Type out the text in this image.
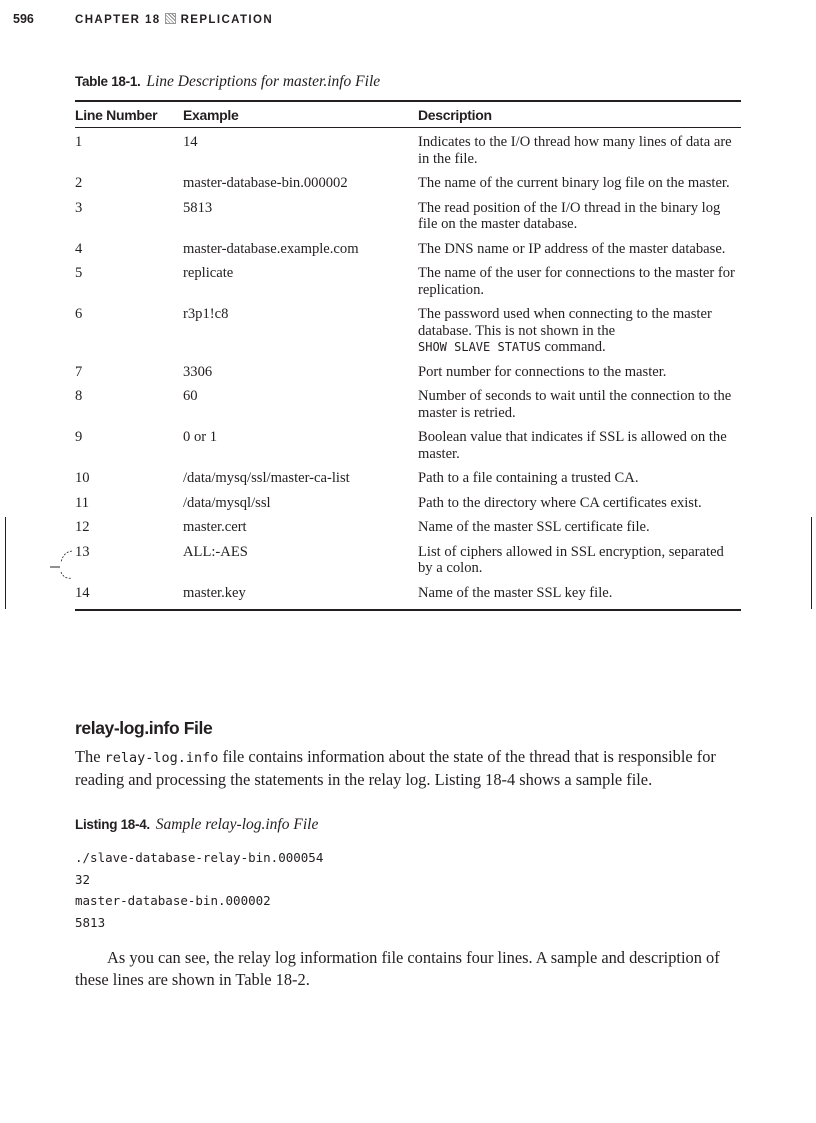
596	CHAPTER 18 REPLICATION
Table 18-1. Line Descriptions for master.info File
Line Number	Example	Description
1	14	Indicates to the I/O thread how many lines of data are in the file.
2	master-database-bin.000002	The name of the current binary log file on the master.
3	5813	The read position of the I/O thread in the binary log file on the master database.
4	master-database.example.com	The DNS name or IP address of the master database.
5	replicate	The name of the user for connections to the master for replication.
6	r3p1!c8	The password used when connecting to the master database. This is not shown in the
SHOW SLAVE STATUS command.
7	3306	Port number for connections to the master.
8	60	Number of seconds to wait until the connection to the master is retried.
9	0 or 1	Boolean value that indicates if SSL is allowed on the master.
10	/data/mysq/ssl/master-ca-list	Path to a file containing a trusted CA.
11	/data/mysql/ssl	Path to the directory where CA certificates exist.
12	master.cert	Name of the master SSL certificate file.
13	ALL:-AES	List of ciphers allowed in SSL encryption, separated by a colon.
14	master.key	Name of the master SSL key file.
relay-log.info File

The relay-log.info file contains information about the state of the thread that is responsible for reading and processing the statements in the relay log. Listing 18-4 shows a sample file.

Listing 18-4. Sample relay-log.info File
./slave-database-relay-bin.000054
32
master-database-bin.000002
5813

As you can see, the relay log information file contains four lines. A sample and description of these lines are shown in Table 18-2.
